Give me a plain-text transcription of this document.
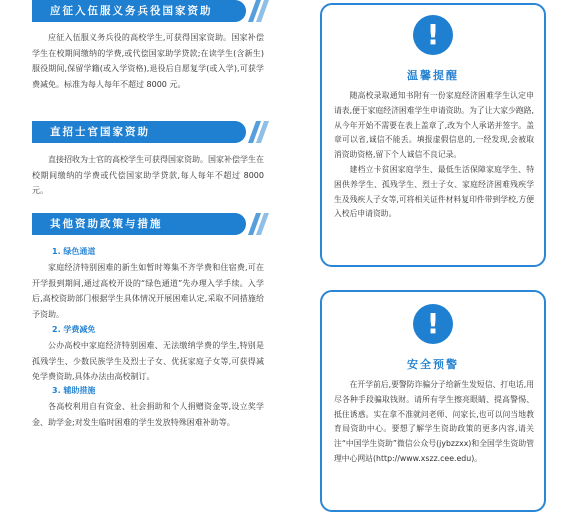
应征入伍服义务兵役国家资助
应征入伍服义务兵役的高校学生,可获得国家资助。国家补偿学生在校期间缴纳的学费,或代偿国家助学贷款;在读学生(含新生)服役期间,保留学籍(或入学资格),退役后自愿复学(或入学),可获学费减免。标准为每人每年不超过 8000 元。
直招士官国家资助
直接招收为士官的高校学生可获得国家资助。国家补偿学生在校期间缴纳的学费或代偿国家助学贷款,每人每年不超过 8000 元。
其他资助政策与措施
1. 绿色通道
家庭经济特别困难的新生如暂时筹集不齐学费和住宿费,可在开学报到期间,通过高校开设的“绿色通道”先办理入学手续。入学后,高校资助部门根据学生具体情况开展困难认定,采取不同措施给予资助。
2. 学费减免
公办高校中家庭经济特别困难、无法缴纳学费的学生,特别是孤残学生、少数民族学生及烈士子女、优抚家庭子女等,可获得减免学费资助,具体办法由高校制订。
3. 辅助措施
各高校利用自有资金、社会捐助和个人捐赠资金等,设立奖学金、助学金;对发生临时困难的学生发放特殊困难补助等。
!
温馨提醒

随高校录取通知书附有一份家庭经济困难学生认定申请表,便于家庭经济困难学生申请资助。为了让大家少跑路,从今年开始不需要在表上盖章了,改为个人承诺并签字。盖章可以省,诚信不能丢。填报虚假信息的,一经发现,会被取消资助资格,留下个人诚信不良记录。

建档立卡贫困家庭学生、最低生活保障家庭学生、特困供养学生、孤残学生、烈士子女、家庭经济困难残疾学生及残疾人子女等,可将相关证件材料复印件带到学校,方便入校后申请资助。

!
安全预警

在开学前后,要警防诈骗分子给新生发短信、打电话,用尽各种手段骗取钱财。请所有学生擦亮眼睛、提高警惕、抵住诱惑。实在拿不准就问老师、问家长,也可以问当地教育局资助中心。要想了解学生资助政策的更多内容,请关注“中国学生资助”微信公众号(jybzzxx)和全国学生资助管理中心网站(http://www.xszz.cee.edu)。
